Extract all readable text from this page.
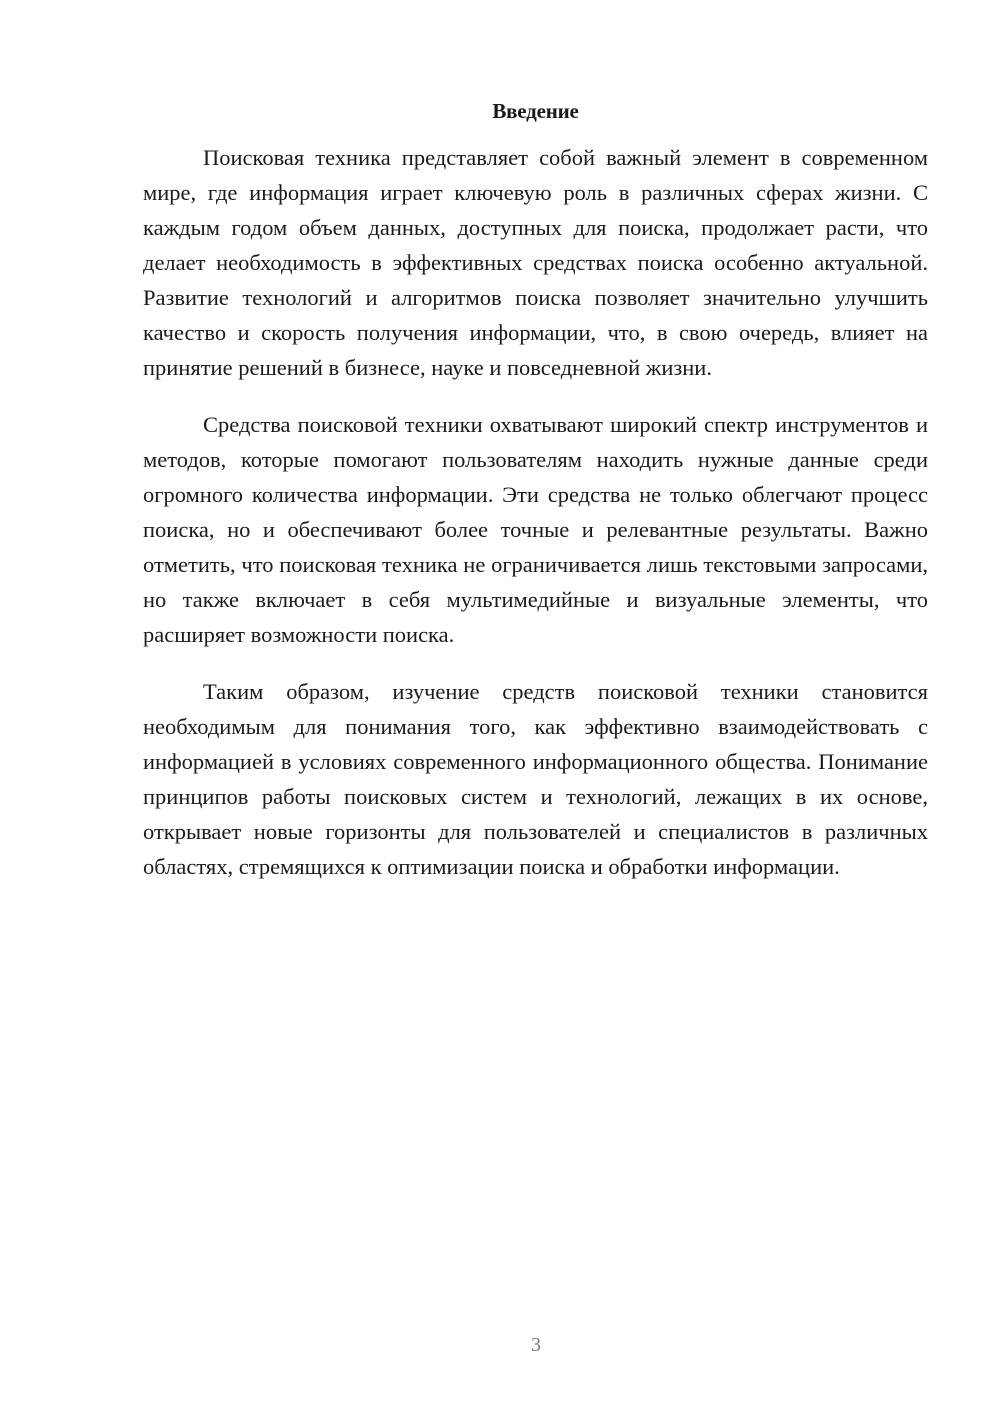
Введение

Поисковая техника представляет собой важный элемент в современном мире, где информация играет ключевую роль в различных сферах жизни. С каждым годом объем данных, доступных для поиска, продолжает расти, что делает необходимость в эффективных средствах поиска особенно актуальной. Развитие технологий и алгоритмов поиска позволяет значительно улучшить качество и скорость получения информации, что, в свою очередь, влияет на принятие решений в бизнесе, науке и повседневной жизни.

Средства поисковой техники охватывают широкий спектр инструментов и методов, которые помогают пользователям находить нужные данные среди огромного количества информации. Эти средства не только облегчают процесс поиска, но и обеспечивают более точные и релевантные результаты. Важно отметить, что поисковая техника не ограничивается лишь текстовыми запросами, но также включает в себя мультимедийные и визуальные элементы, что расширяет возможности поиска.

Таким образом, изучение средств поисковой техники становится необходимым для понимания того, как эффективно взаимодействовать с информацией в условиях современного информационного общества. Понимание принципов работы поисковых систем и технологий, лежащих в их основе, открывает новые горизонты для пользователей и специалистов в различных областях, стремящихся к оптимизации поиска и обработки информации.

3
